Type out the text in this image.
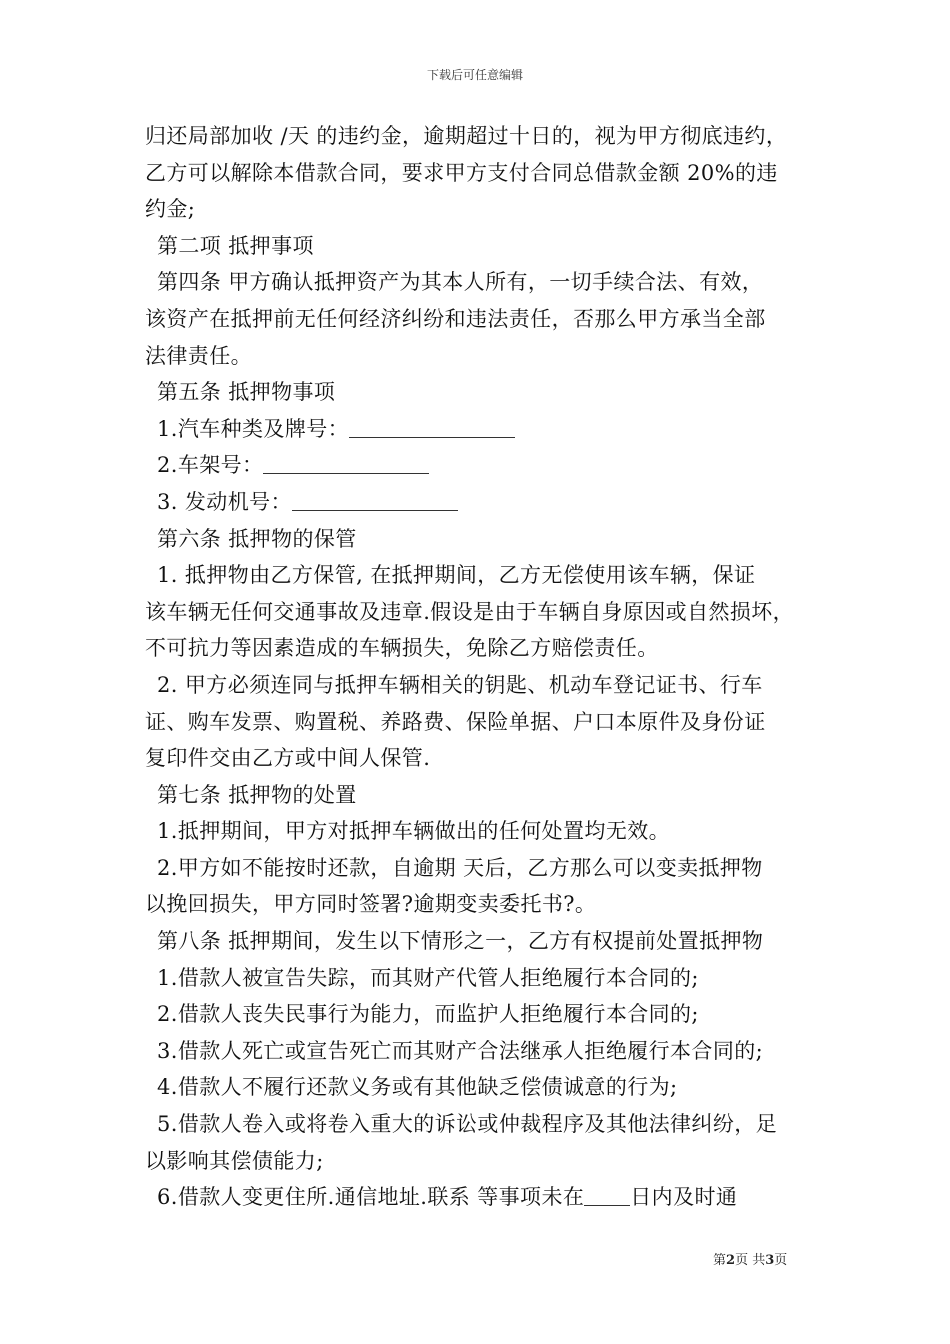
下载后可任意编辑
归还局部加收 /天 的违约金，逾期超过十日的，视为甲方彻底违约，
乙方可以解除本借款合同，要求甲方支付合同总借款金额 20%的违
约金;
第二项 抵押事项
第四条 甲方确认抵押资产为其本人所有，一切手续合法、有效，
该资产在抵押前无任何经济纠纷和违法责任，否那么甲方承当全部
法律责任。
第五条 抵押物事项
1.汽车种类及牌号：
2.车架号：
3. 发动机号：
第六条 抵押物的保管
1. 抵押物由乙方保管, 在抵押期间，乙方无偿使用该车辆，保证
该车辆无任何交通事故及违章.假设是由于车辆自身原因或自然损坏，
不可抗力等因素造成的车辆损失，免除乙方赔偿责任。
2. 甲方必须连同与抵押车辆相关的钥匙、机动车登记证书、行车
证、购车发票、购置税、养路费、保险单据、户口本原件及身份证
复印件交由乙方或中间人保管.
第七条 抵押物的处置
1.抵押期间，甲方对抵押车辆做出的任何处置均无效。
2.甲方如不能按时还款，自逾期 天后，乙方那么可以变卖抵押物
以挽回损失，甲方同时签署?逾期变卖委托书?。
第八条 抵押期间，发生以下情形之一，乙方有权提前处置抵押物
1.借款人被宣告失踪，而其财产代管人拒绝履行本合同的;
2.借款人丧失民事行为能力，而监护人拒绝履行本合同的;
3.借款人死亡或宣告死亡而其财产合法继承人拒绝履行本合同的;
4.借款人不履行还款义务或有其他缺乏偿债诚意的行为;
5.借款人卷入或将卷入重大的诉讼或仲裁程序及其他法律纠纷，足
以影响其偿债能力;
6.借款人变更住所.通信地址.联系 等事项未在 日内及时通
第2页 共3页
